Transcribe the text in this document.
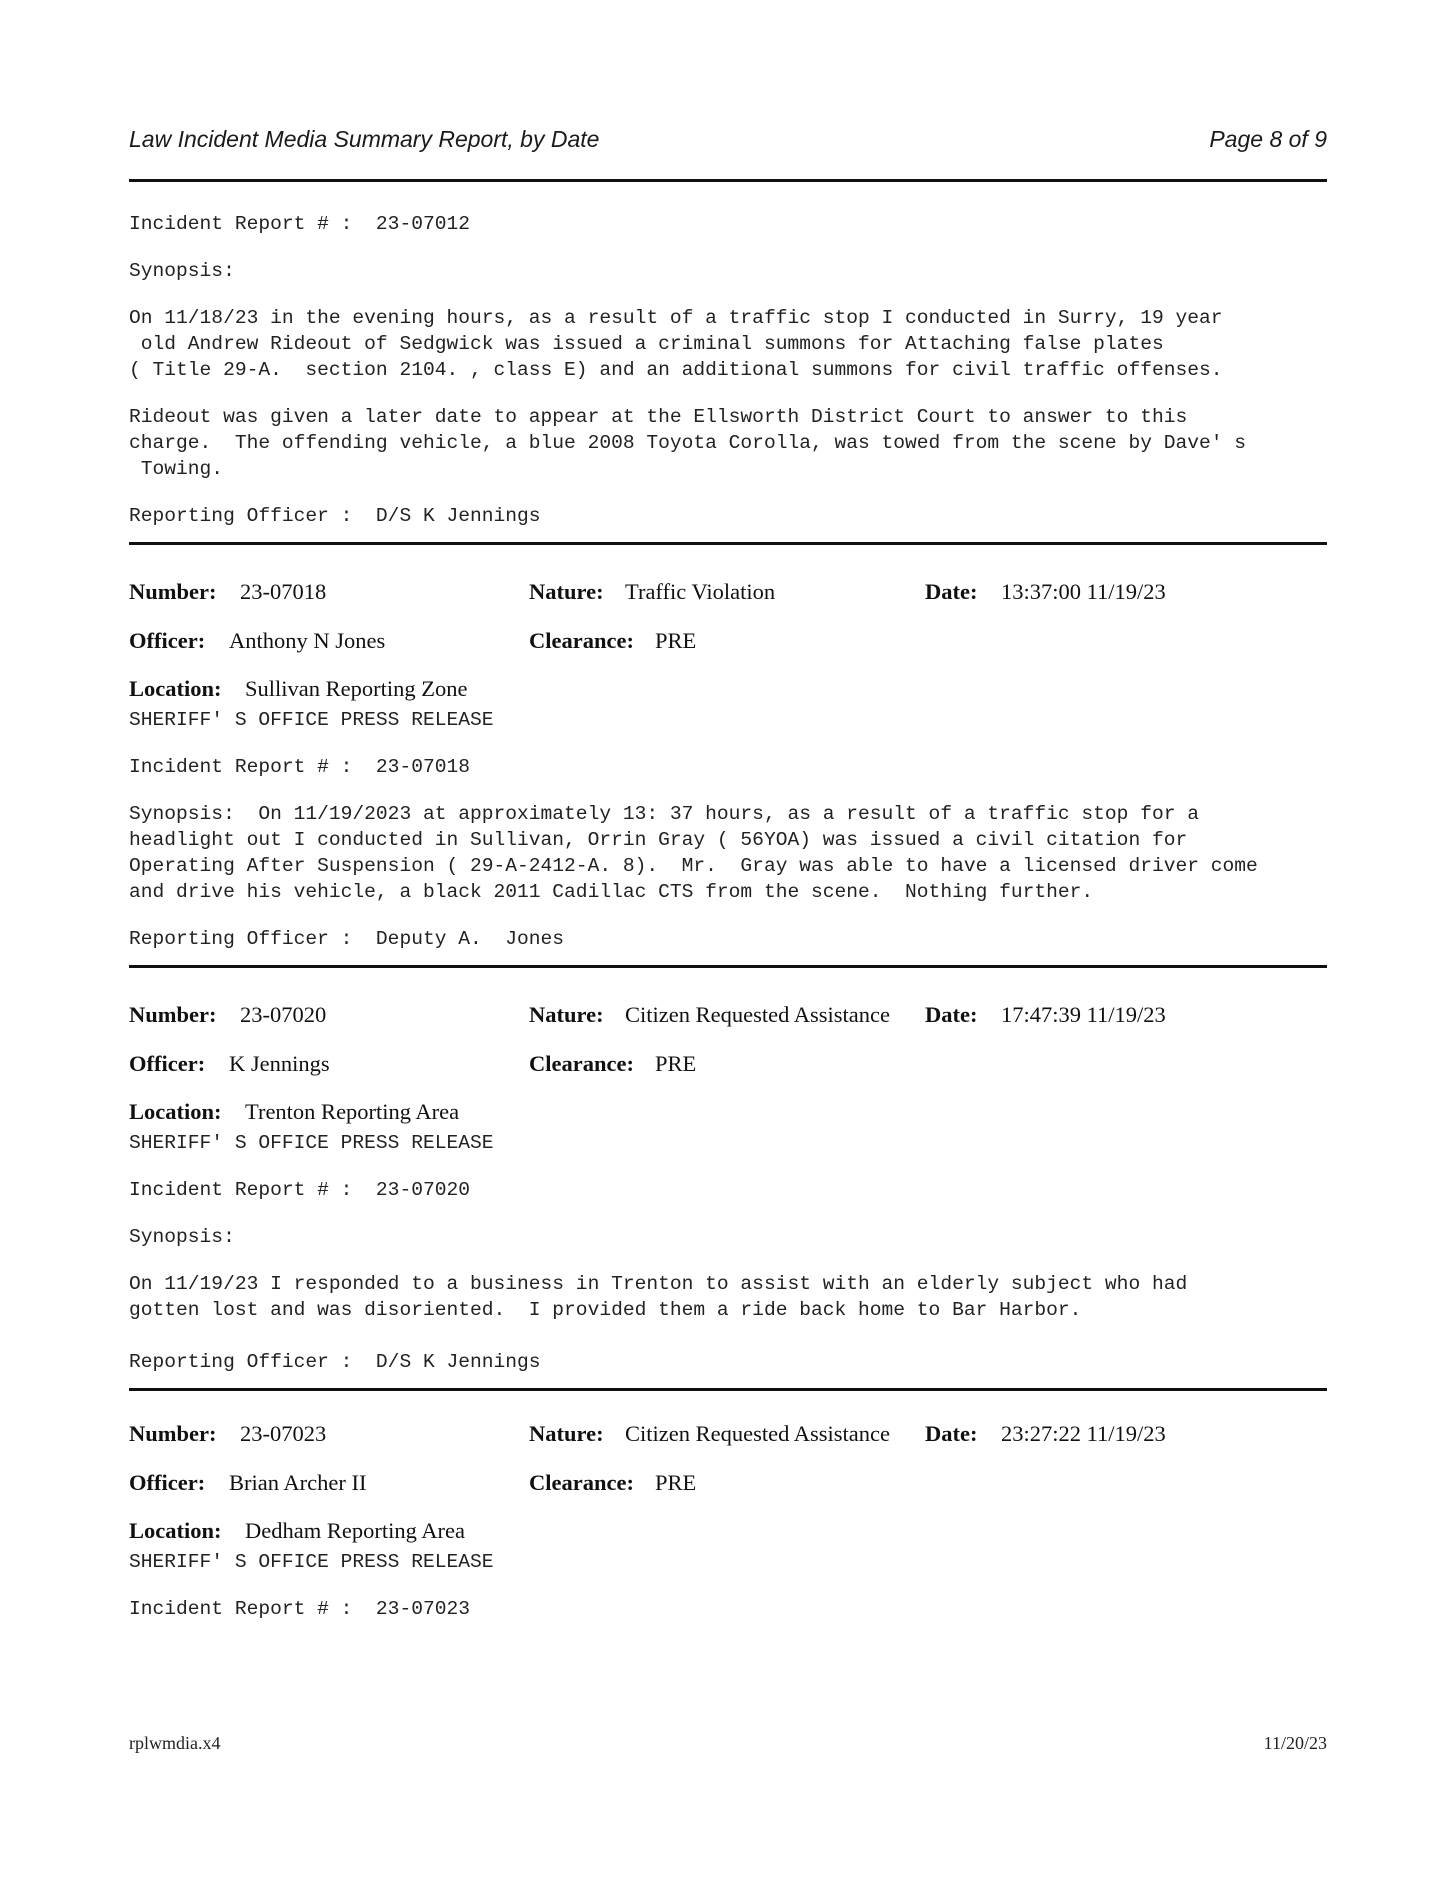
Law Incident Media Summary Report, by Date	Page 8 of 9
Incident Report # :  23-07012
Synopsis:
On 11/18/23 in the evening hours, as a result of a traffic stop I conducted in Surry, 19 year
old Andrew Rideout of Sedgwick was issued a criminal summons for Attaching false plates
( Title 29-A.  section 2104. , class E) and an additional summons for civil traffic offenses.
Rideout was given a later date to appear at the Ellsworth District Court to answer to this
charge.  The offending vehicle, a blue 2008 Toyota Corolla, was towed from the scene by Dave' s
Towing.
Reporting Officer :  D/S K Jennings
Number: 23-07018	Nature: Traffic Violation	Date: 13:37:00 11/19/23
Officer: Anthony N Jones	Clearance: PRE
Location: Sullivan Reporting Zone
SHERIFF' S OFFICE PRESS RELEASE
Incident Report # :  23-07018
Synopsis:  On 11/19/2023 at approximately 13: 37 hours, as a result of a traffic stop for a
headlight out I conducted in Sullivan, Orrin Gray ( 56YOA) was issued a civil citation for
Operating After Suspension ( 29-A-2412-A. 8).  Mr.  Gray was able to have a licensed driver come
and drive his vehicle, a black 2011 Cadillac CTS from the scene.  Nothing further.
Reporting Officer :  Deputy A.  Jones
Number: 23-07020	Nature: Citizen Requested Assistance Date: 17:47:39 11/19/23
Officer: K Jennings	Clearance: PRE
Location: Trenton Reporting Area
SHERIFF' S OFFICE PRESS RELEASE
Incident Report # :  23-07020
Synopsis:
On 11/19/23 I responded to a business in Trenton to assist with an elderly subject who had
gotten lost and was disoriented.  I provided them a ride back home to Bar Harbor.
Reporting Officer :  D/S K Jennings
Number: 23-07023	Nature: Citizen Requested Assistance Date: 23:27:22 11/19/23
Officer: Brian Archer II	Clearance: PRE
Location: Dedham Reporting Area
SHERIFF' S OFFICE PRESS RELEASE
Incident Report # :  23-07023
rplwmdia.x4	11/20/23
